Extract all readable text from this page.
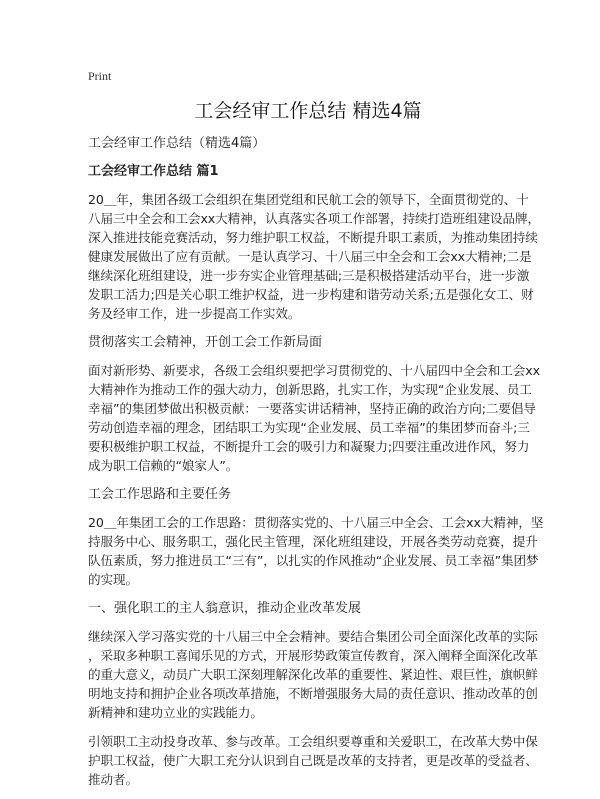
Print
工会经审工作总结 精选4篇
工会经审工作总结（精选4篇）
工会经审工作总结 篇1
20＿年，集团各级工会组织在集团党组和民航工会的领导下，全面贯彻党的、十
八届三中全会和工会xx大精神，认真落实各项工作部署，持续打造班组建设品牌，
深入推进技能竞赛活动，努力维护职工权益，不断提升职工素质，为推动集团持续
健康发展做出了应有贡献。一是认真学习、十八届三中全会和工会xx大精神;二是
继续深化班组建设，进一步夯实企业管理基础;三是积极搭建活动平台，进一步激
发职工活力;四是关心职工维护权益，进一步构建和谐劳动关系;五是强化女工、财
务及经审工作，进一步提高工作实效。
贯彻落实工会精神，开创工会工作新局面
面对新形势、新要求，各级工会组织要把学习贯彻党的、十八届四中全会和工会xx
大精神作为推动工作的强大动力，创新思路，扎实工作，为实现“企业发展、员工
幸福”的集团梦做出积极贡献：一要落实讲话精神，坚持正确的政治方向;二要倡导
劳动创造幸福的理念，团结职工为实现“企业发展、员工幸福”的集团梦而奋斗;三
要积极维护职工权益，不断提升工会的吸引力和凝聚力;四要注重改进作风，努力
成为职工信赖的“娘家人”。
工会工作思路和主要任务
20＿年集团工会的工作思路：贯彻落实党的、十八届三中全会、工会xx大精神，坚
持服务中心、服务职工，强化民主管理，深化班组建设，开展各类劳动竞赛，提升
队伍素质，努力推进员工“三有”，以扎实的作风推动“企业发展、员工幸福”集团梦
的实现。
一、强化职工的主人翁意识，推动企业改革发展
继续深入学习落实党的十八届三中全会精神。要结合集团公司全面深化改革的实际
，采取多种职工喜闻乐见的方式，开展形势政策宣传教育，深入阐释全面深化改革
的重大意义，动员广大职工深刻理解深化改革的重要性、紧迫性、艰巨性，旗帜鲜
明地支持和拥护企业各项改革措施，不断增强服务大局的责任意识、推动改革的创
新精神和建功立业的实践能力。
引领职工主动投身改革、参与改革。工会组织要尊重和关爱职工，在改革大势中保
护职工权益，使广大职工充分认识到自己既是改革的支持者，更是改革的受益者、
推动者。
